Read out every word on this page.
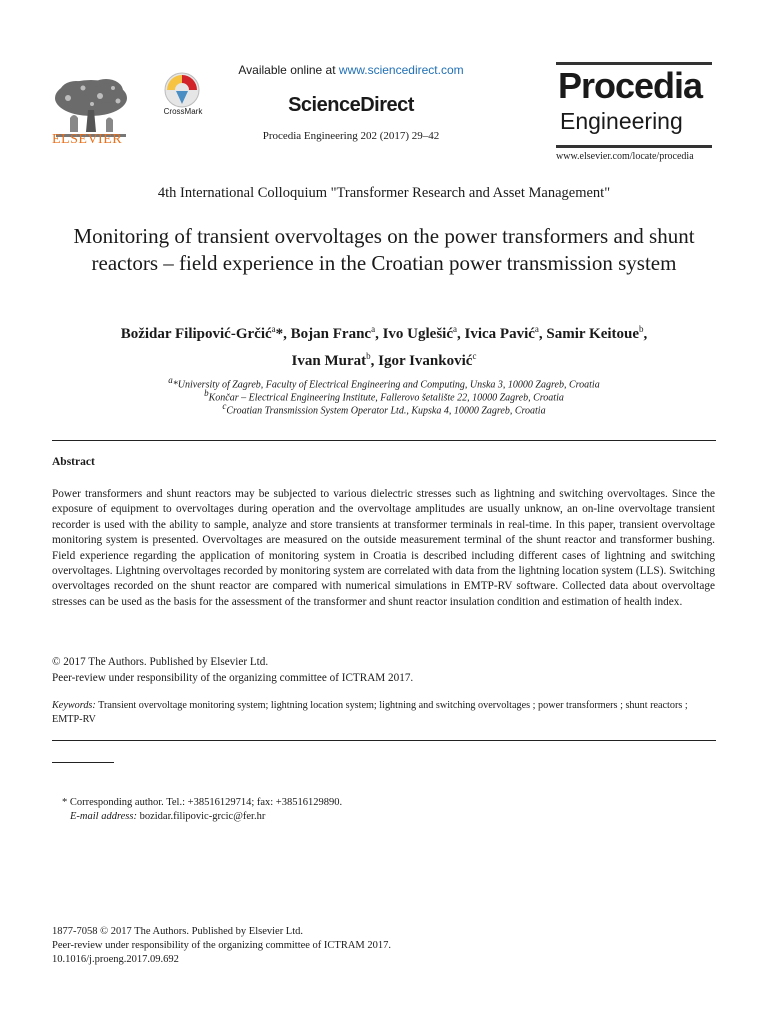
ELSEVIER
CrossMark
Available online at www.sciencedirect.com
ScienceDirect
Procedia Engineering 202 (2017) 29–42
Procedia
Engineering
www.elsevier.com/locate/procedia
4th International Colloquium "Transformer Research and Asset Management"
Monitoring of transient overvoltages on the power transformers and shunt reactors – field experience in the Croatian power transmission system
Božidar Filipović-Grčić$^a$*, Bojan Franc$^a$, Ivo Uglešić$^a$, Ivica Pavić$^a$, Samir Keitoue$^b$,
Ivan Murat$^b$, Igor Ivanković$^c$
$^a$*University of Zagreb, Faculty of Electrical Engineering and Computing, Unska 3, 10000 Zagreb, Croatia
$^b$Končar – Electrical Engineering Institute, Fallerovo šetalište 22, 10000 Zagreb, Croatia
$^c$Croatian Transmission System Operator Ltd., Kupska 4, 10000 Zagreb, Croatia
Abstract
Power transformers and shunt reactors may be subjected to various dielectric stresses such as lightning and switching overvoltages. Since the exposure of equipment to overvoltages during operation and the overvoltage amplitudes are usually unknow, an on-line overvoltage transient recorder is used with the ability to sample, analyze and store transients at transformer terminals in real-time. In this paper, transient overvoltage monitoring system is presented. Overvoltages are measured on the outside measurement terminal of the shunt reactor and transformer bushing. Field experience regarding the application of monitoring system in Croatia is described including different cases of lightning and switching overvoltages. Lightning overvoltages recorded by monitoring system are correlated with data from the lightning location system (LLS). Switching overvoltages recorded on the shunt reactor are compared with numerical simulations in EMTP-RV software. Collected data about overvoltage stresses can be used as the basis for the assessment of the transformer and shunt reactor insulation condition and estimation of health index.
© 2017 The Authors. Published by Elsevier Ltd.
Peer-review under responsibility of the organizing committee of ICTRAM 2017.
Keywords: Transient overvoltage monitoring system; lightning location system; lightning and switching overvoltages ; power transformers ; shunt reactors ; EMTP-RV
* Corresponding author. Tel.: +38516129714; fax: +38516129890.
E-mail address: bozidar.filipovic-grcic@fer.hr
1877-7058 © 2017 The Authors. Published by Elsevier Ltd.
Peer-review under responsibility of the organizing committee of ICTRAM 2017.
10.1016/j.proeng.2017.09.692
